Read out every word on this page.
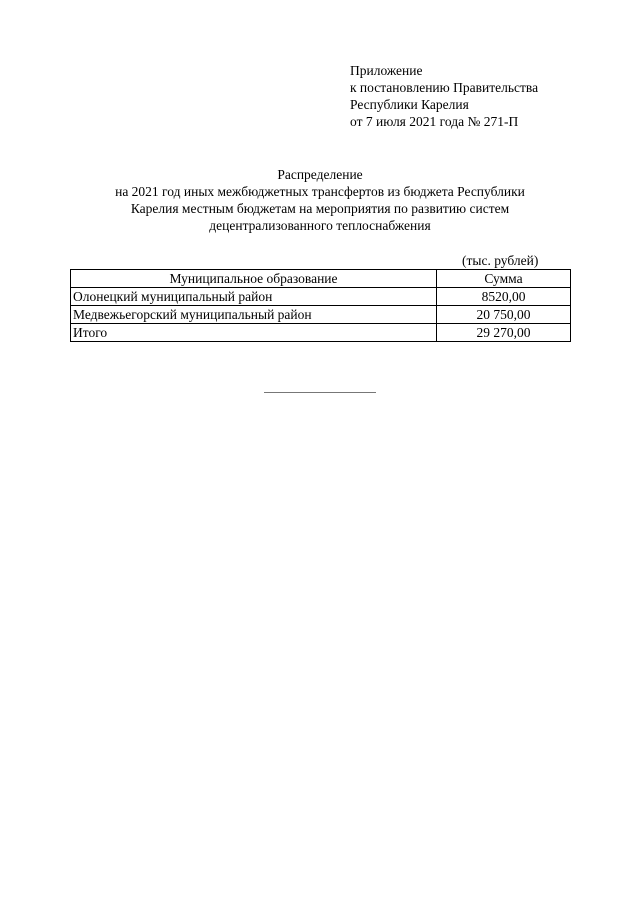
Приложение
к постановлению Правительства
Республики Карелия
от 7 июля 2021 года № 271-П
Распределение
на 2021 год иных межбюджетных трансфертов из бюджета Республики
Карелия местным бюджетам на мероприятия по развитию систем
децентрализованного теплоснабжения
(тыс. рублей)
Муниципальное образование	Сумма
Олонецкий муниципальный район	8520,00
Медвежьегорский муниципальный район	20 750,00
Итого	29 270,00
